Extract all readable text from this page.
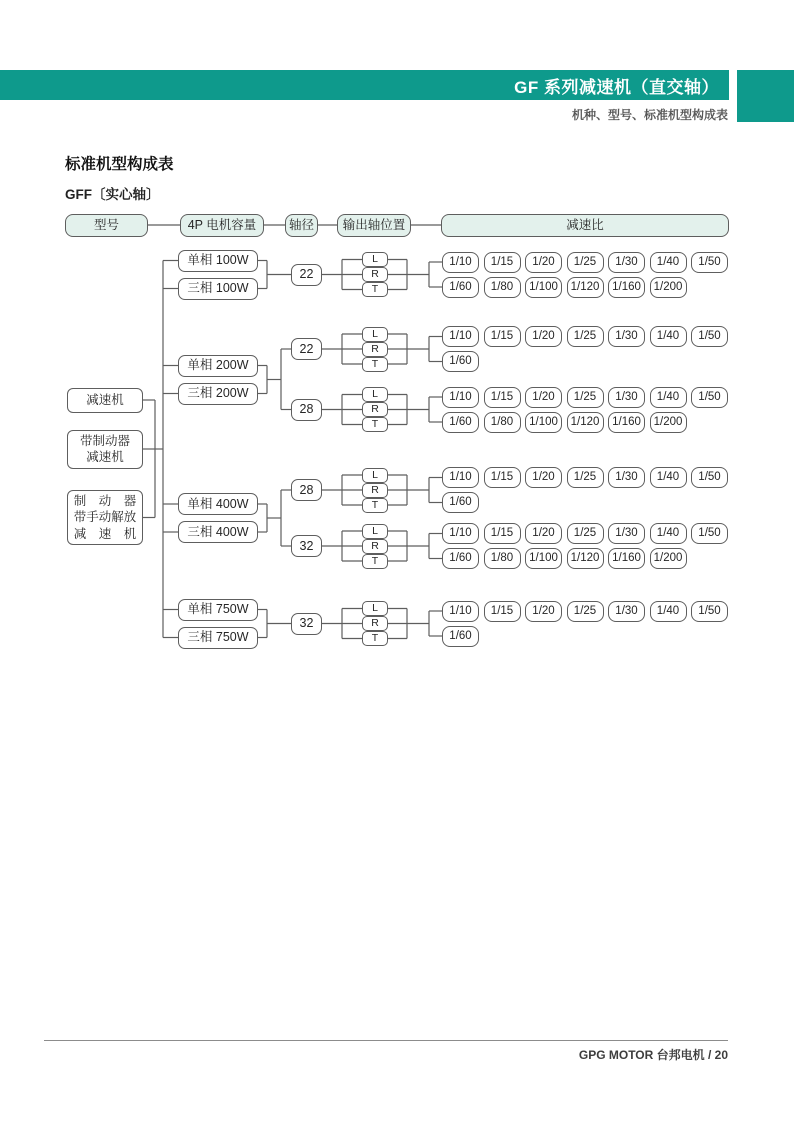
GF 系列减速机（直交轴）
机种、型号、标准机型构成表
标准机型构成表
GFF〔实心轴〕
型号	4P 电机容量	轴径 输出轴位置	减速比
减速机
带制动器
减速机
制　动　器
带手动解放
减　速　机
单相 100W
三相 100W
22
L
R
T
1/10 1/15 1/20 1/25 1/30 1/40 1/50
1/60 1/80 1/100 1/120 1/160 1/200
单相 200W
三相 200W
22
L
R
T
1/10 1/15 1/20 1/25 1/30 1/40 1/50
1/60
28
L
R
T
1/10 1/15 1/20 1/25 1/30 1/40 1/50
1/60 1/80 1/100 1/120 1/160 1/200
单相 400W
三相 400W
28
L
R
T
1/10 1/15 1/20 1/25 1/30 1/40 1/50
1/60
32
L
R
T
1/10 1/15 1/20 1/25 1/30 1/40 1/50
1/60 1/80 1/100 1/120 1/160 1/200
单相 750W
三相 750W
32
L
R
T
1/10 1/15 1/20 1/25 1/30 1/40 1/50
1/60
GPG MOTOR 台邦电机 / 20
